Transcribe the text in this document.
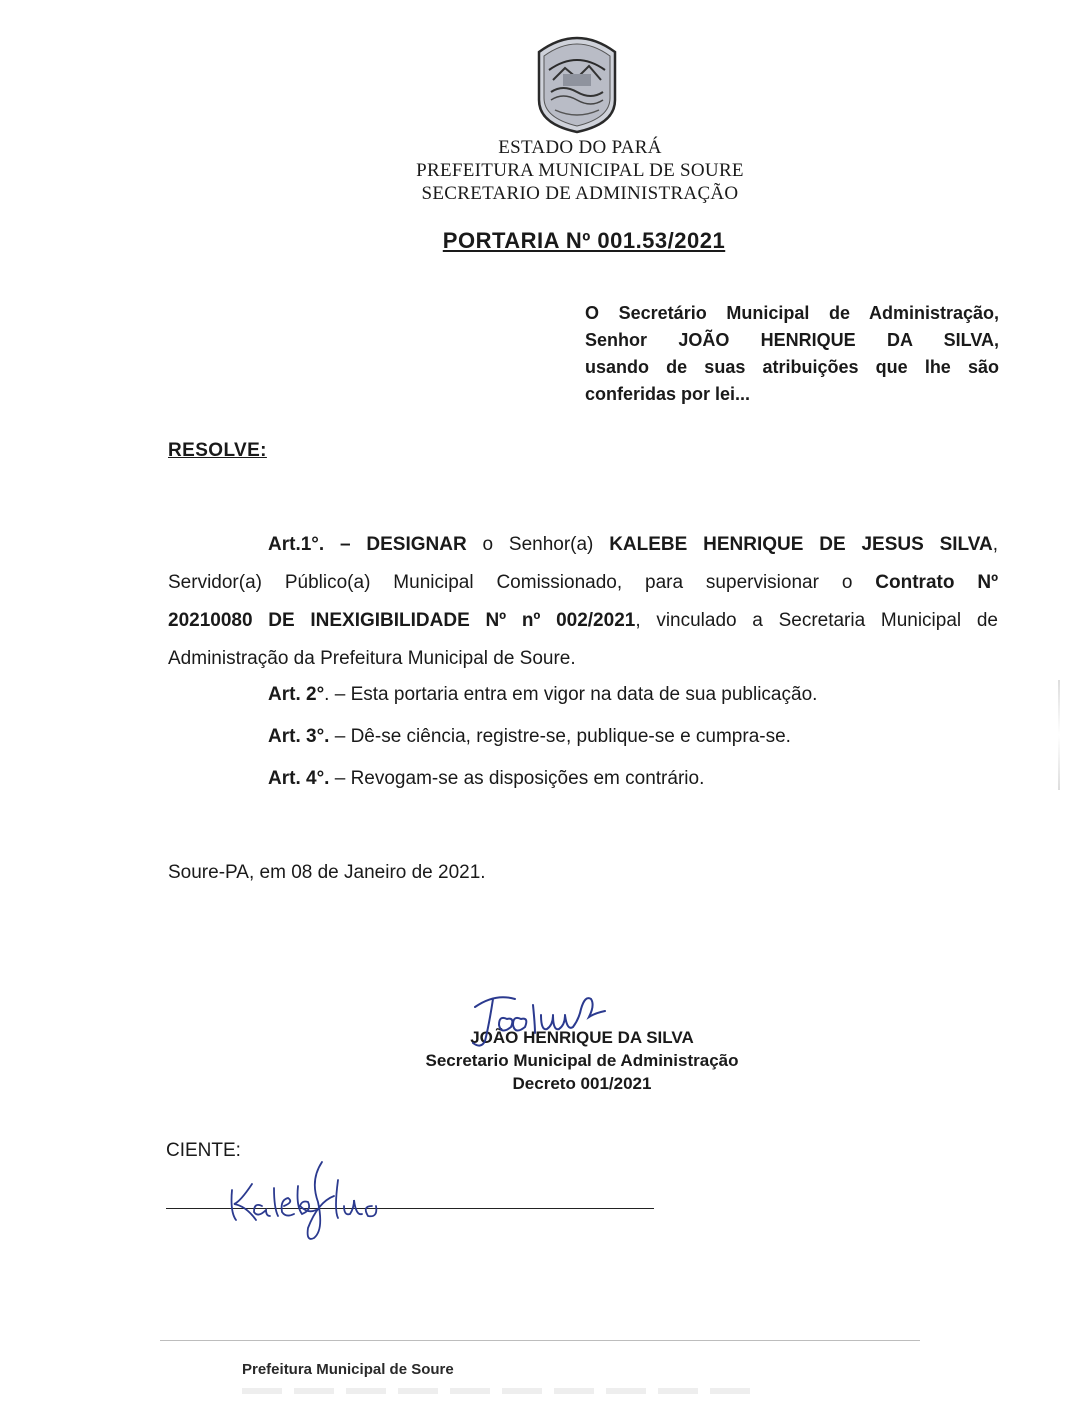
ESTADO DO PARÁ
PREFEITURA MUNICIPAL DE SOURE
SECRETARIO DE ADMINISTRAÇÃO
PORTARIA Nº 001.53/2021
O Secretário Municipal de Administração,
Senhor JOÃO HENRIQUE DA SILVA,
usando de suas atribuições que lhe são
conferidas por lei...
RESOLVE:
Art.1°. – DESIGNAR o Senhor(a) KALEBE HENRIQUE DE JESUS SILVA,
Servidor(a) Público(a) Municipal Comissionado, para supervisionar o Contrato Nº
20210080 DE INEXIGIBILIDADE Nº nº 002/2021, vinculado a Secretaria Municipal de
Administração da Prefeitura Municipal de Soure.
Art. 2°. – Esta portaria entra em vigor na data de sua publicação.
Art. 3°. – Dê-se ciência, registre-se, publique-se e cumpra-se.
Art. 4°. – Revogam-se as disposições em contrário.
Soure-PA, em 08 de Janeiro de 2021.
JOÃO HENRIQUE DA SILVA
Secretario Municipal de Administração
Decreto 001/2021
CIENTE:
Prefeitura Municipal de Soure
